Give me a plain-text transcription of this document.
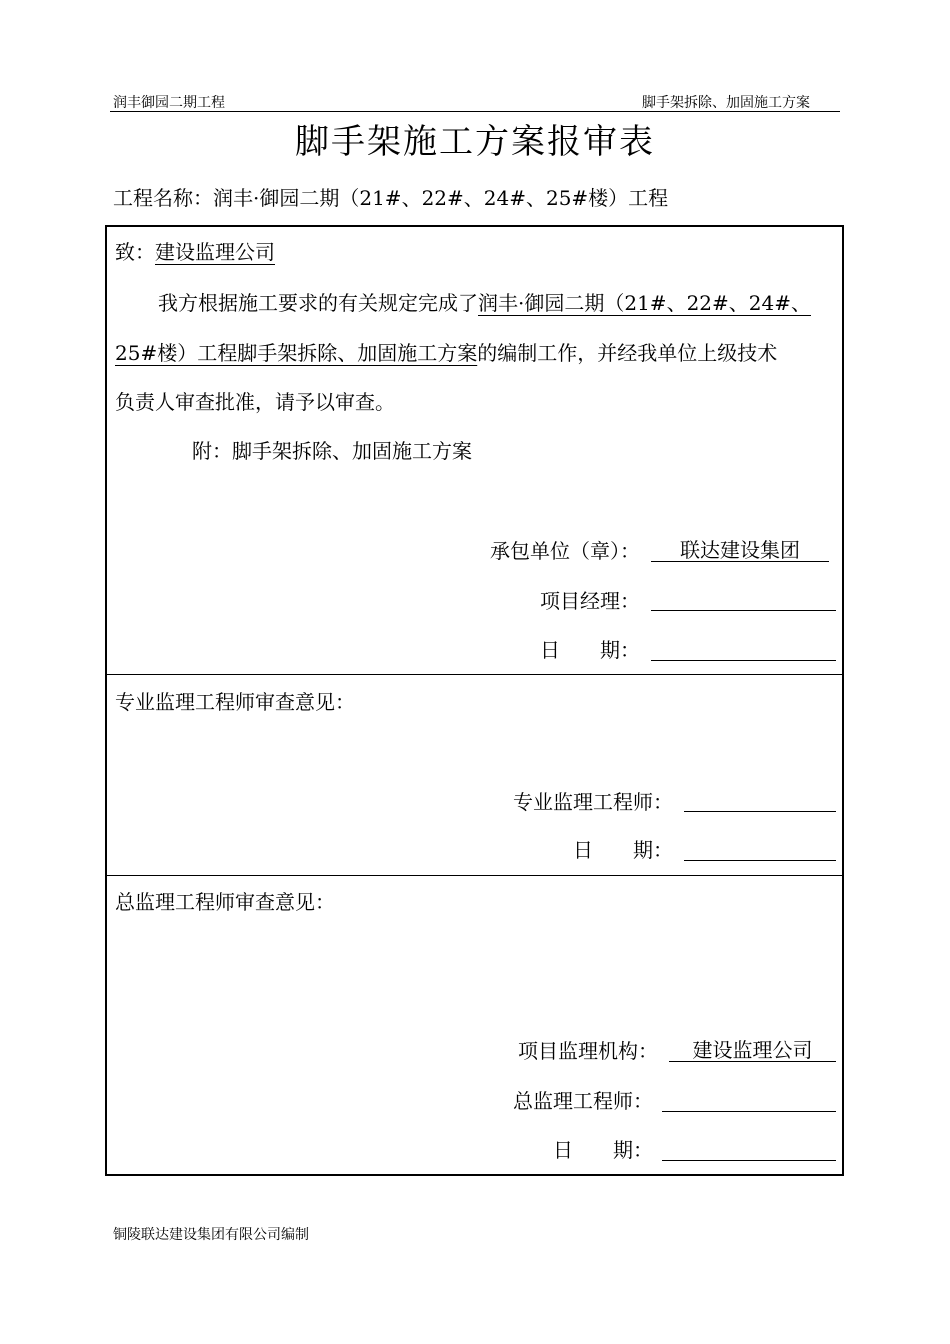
润丰御园二期工程	脚手架拆除、加固施工方案
脚手架施工方案报审表
工程名称：润丰·御园二期（21#、22#、24#、25#楼）工程
致：建设监理公司
我方根据施工要求的有关规定完成了润丰·御园二期（21#、22#、24#、
25#楼）工程脚手架拆除、加固施工方案的编制工作，并经我单位上级技术
负责人审查批准，请予以审查。
附：脚手架拆除、加固施工方案
承包单位（章）：	联达建设集团
项目经理：
日　　期：
专业监理工程师审查意见：
专业监理工程师：
日　　期：
总监理工程师审查意见：
项目监理机构：	建设监理公司
总监理工程师：
日　　期：
铜陵联达建设集团有限公司编制
